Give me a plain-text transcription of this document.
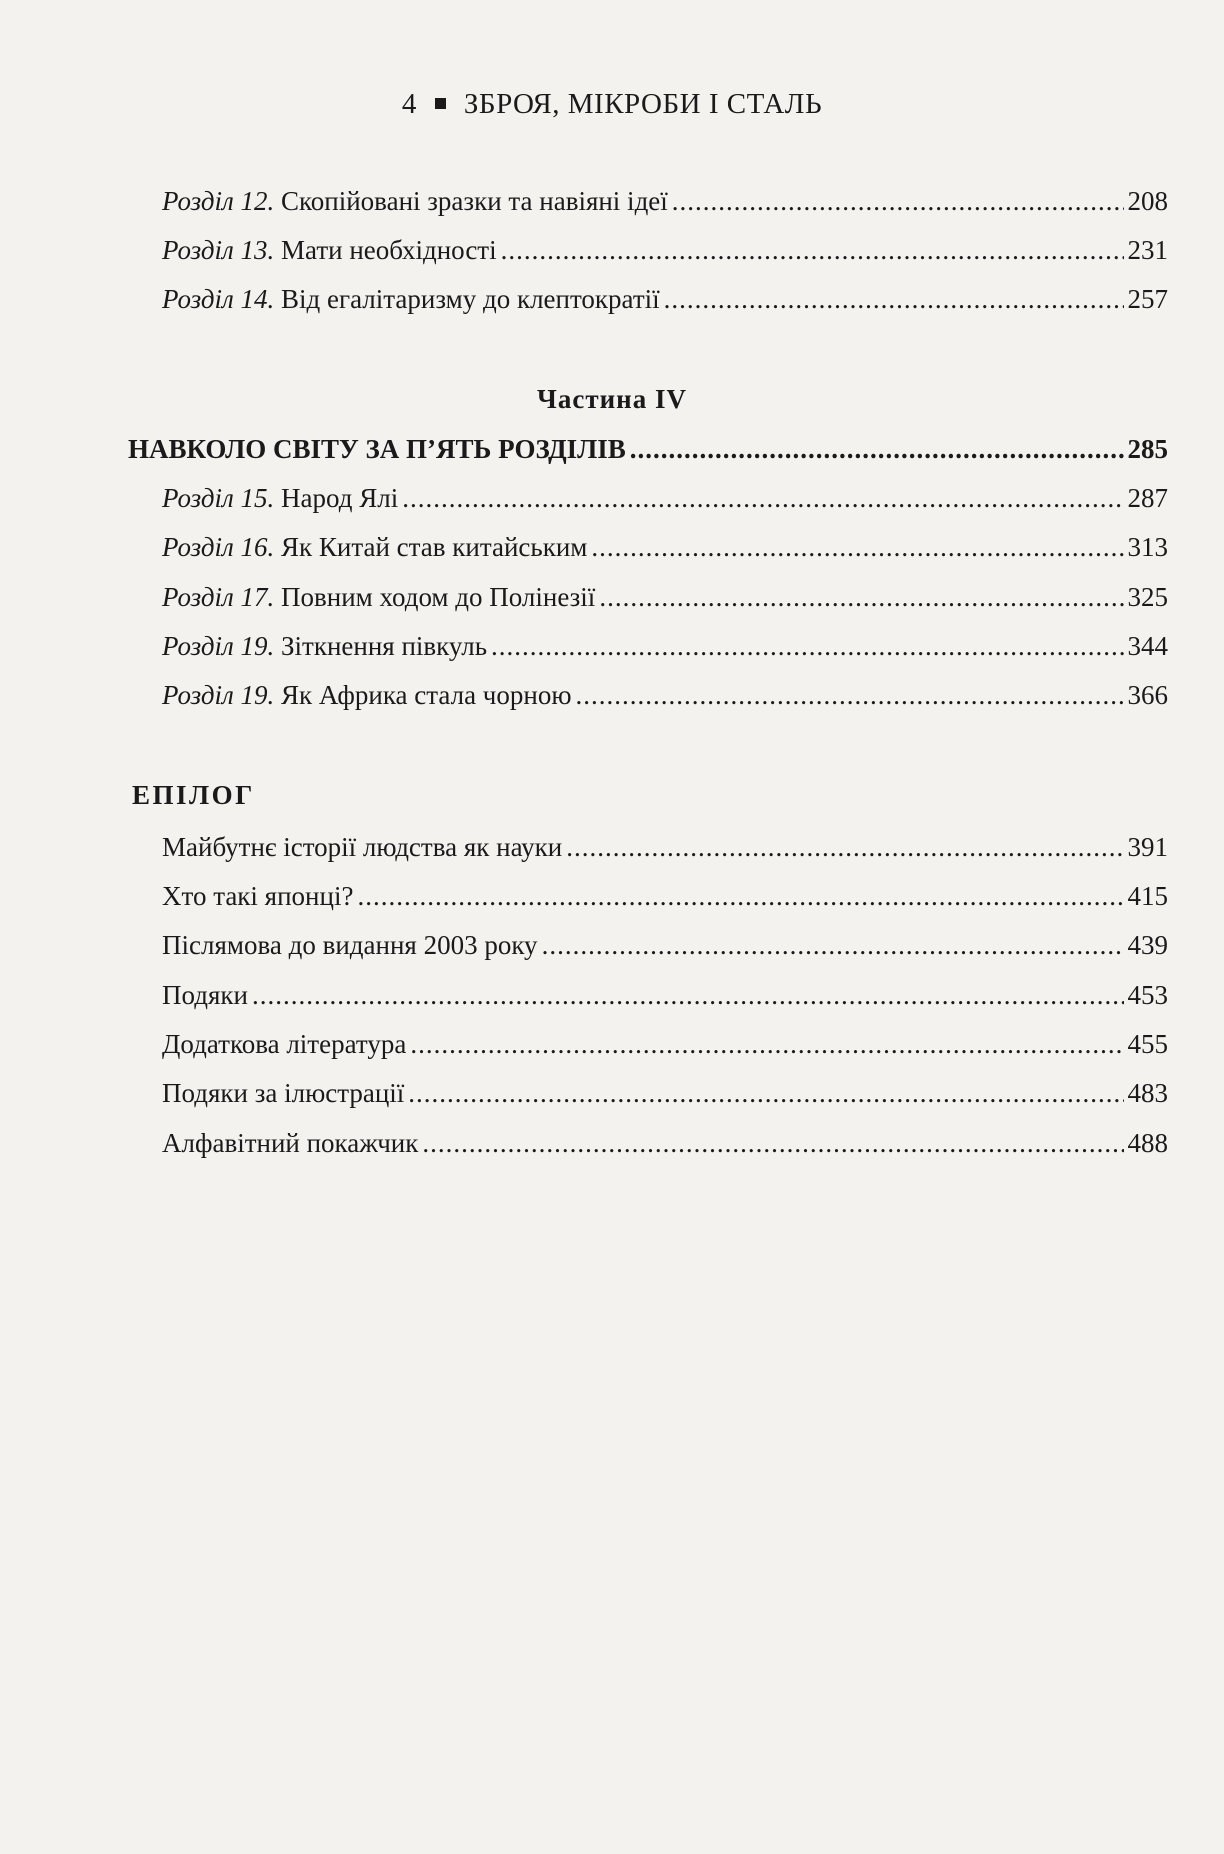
4 ЗБРОЯ, МІКРОБИ І СТАЛЬ
Розділ 12. Скопійовані зразки та навіяні ідеї .....	208
Розділ 13. Мати необхідності .....	231
Розділ 14. Від егалітаризму до клептократії .....	257
Частина IV
НАВКОЛО СВІТУ ЗА П’ЯТЬ РОЗДІЛІВ .....	285
Розділ 15. Народ Ялі .....	287
Розділ 16. Як Китай став китайським .....	313
Розділ 17. Повним ходом до Полінезії .....	325
Розділ 19. Зіткнення півкуль .....	344
Розділ 19. Як Африка стала чорною .....	366
ЕПІЛОГ
Майбутнє історії людства як науки .....	391
Хто такі японці? .....	415
Післямова до видання 2003 року .....	439
Подяки .....	453
Додаткова література .....	455
Подяки за ілюстрації .....	483
Алфавітний покажчик .....	488
